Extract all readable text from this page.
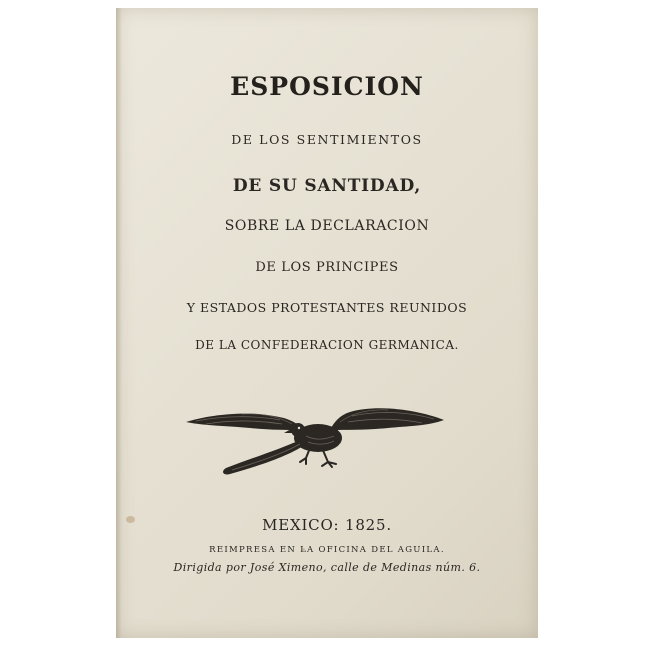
ESPOSICION
DE LOS SENTIMIENTOS
DE SU SANTIDAD,
SOBRE LA DECLARACION
DE LOS PRINCIPES
Y ESTADOS PROTESTANTES REUNIDOS
DE LA CONFEDERACION GERMANICA.
MEXICO: 1825.
REIMPRESA EN LA OFICINA DEL AGUILA.
Dirigida por José Ximeno, calle de Medinas núm. 6.
